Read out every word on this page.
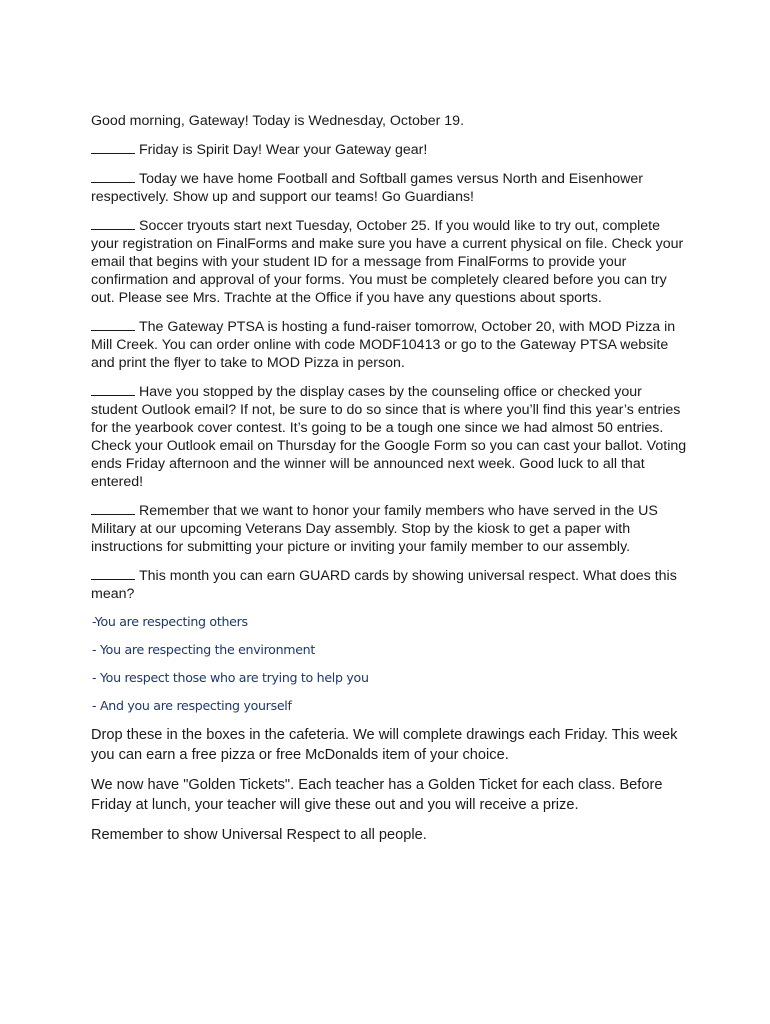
Good morning, Gateway! Today is Wednesday, October 19.

Friday is Spirit Day! Wear your Gateway gear!

Today we have home Football and Softball games versus North and Eisenhower respectively. Show up and support our teams! Go Guardians!

Soccer tryouts start next Tuesday, October 25. If you would like to try out, complete your registration on FinalForms and make sure you have a current physical on file. Check your email that begins with your student ID for a message from FinalForms to provide your confirmation and approval of your forms. You must be completely cleared before you can try out. Please see Mrs. Trachte at the Office if you have any questions about sports.

The Gateway PTSA is hosting a fund-raiser tomorrow, October 20, with MOD Pizza in Mill Creek. You can order online with code MODF10413 or go to the Gateway PTSA website and print the flyer to take to MOD Pizza in person.

Have you stopped by the display cases by the counseling office or checked your student Outlook email? If not, be sure to do so since that is where you’ll find this year’s entries for the yearbook cover contest. It’s going to be a tough one since we had almost 50 entries. Check your Outlook email on Thursday for the Google Form so you can cast your ballot. Voting ends Friday afternoon and the winner will be announced next week. Good luck to all that entered!

Remember that we want to honor your family members who have served in the US Military at our upcoming Veterans Day assembly. Stop by the kiosk to get a paper with instructions for submitting your picture or inviting your family member to our assembly.

This month you can earn GUARD cards by showing universal respect. What does this mean?

-You are respecting others
- You are respecting the environment
- You respect those who are trying to help you
- And you are respecting yourself

Drop these in the boxes in the cafeteria. We will complete drawings each Friday. This week you can earn a free pizza or free McDonalds item of your choice.

We now have "Golden Tickets". Each teacher has a Golden Ticket for each class. Before Friday at lunch, your teacher will give these out and you will receive a prize.

Remember to show Universal Respect to all people.
